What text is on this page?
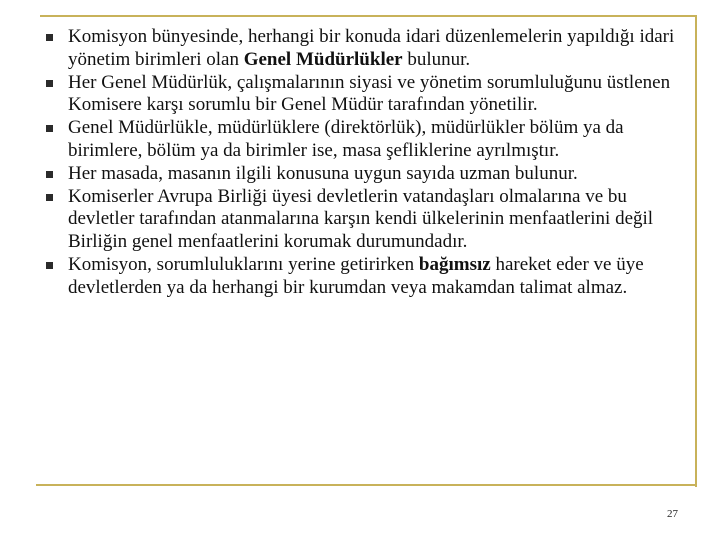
Komisyon bünyesinde, herhangi bir konuda idari düzenlemelerin yapıldığı idari yönetim birimleri olan Genel Müdürlükler bulunur.
Her Genel Müdürlük, çalışmalarının siyasi ve yönetim sorumluluğunu üstlenen Komisere karşı sorumlu bir Genel Müdür tarafından yönetilir.
Genel Müdürlükle, müdürlüklere (direktörlük), müdürlükler bölüm ya da birimlere, bölüm ya da birimler ise, masa şefliklerine ayrılmıştır.
Her masada, masanın ilgili konusuna uygun sayıda uzman bulunur.
Komiserler Avrupa Birliği üyesi devletlerin vatandaşları olmalarına ve bu devletler tarafından atanmalarına karşın kendi ülkelerinin menfaatlerini değil Birliğin genel menfaatlerini korumak durumundadır.
Komisyon, sorumluluklarını yerine getirirken bağımsız hareket eder ve üye devletlerden ya da herhangi bir kurumdan veya makamdan talimat almaz.
27
